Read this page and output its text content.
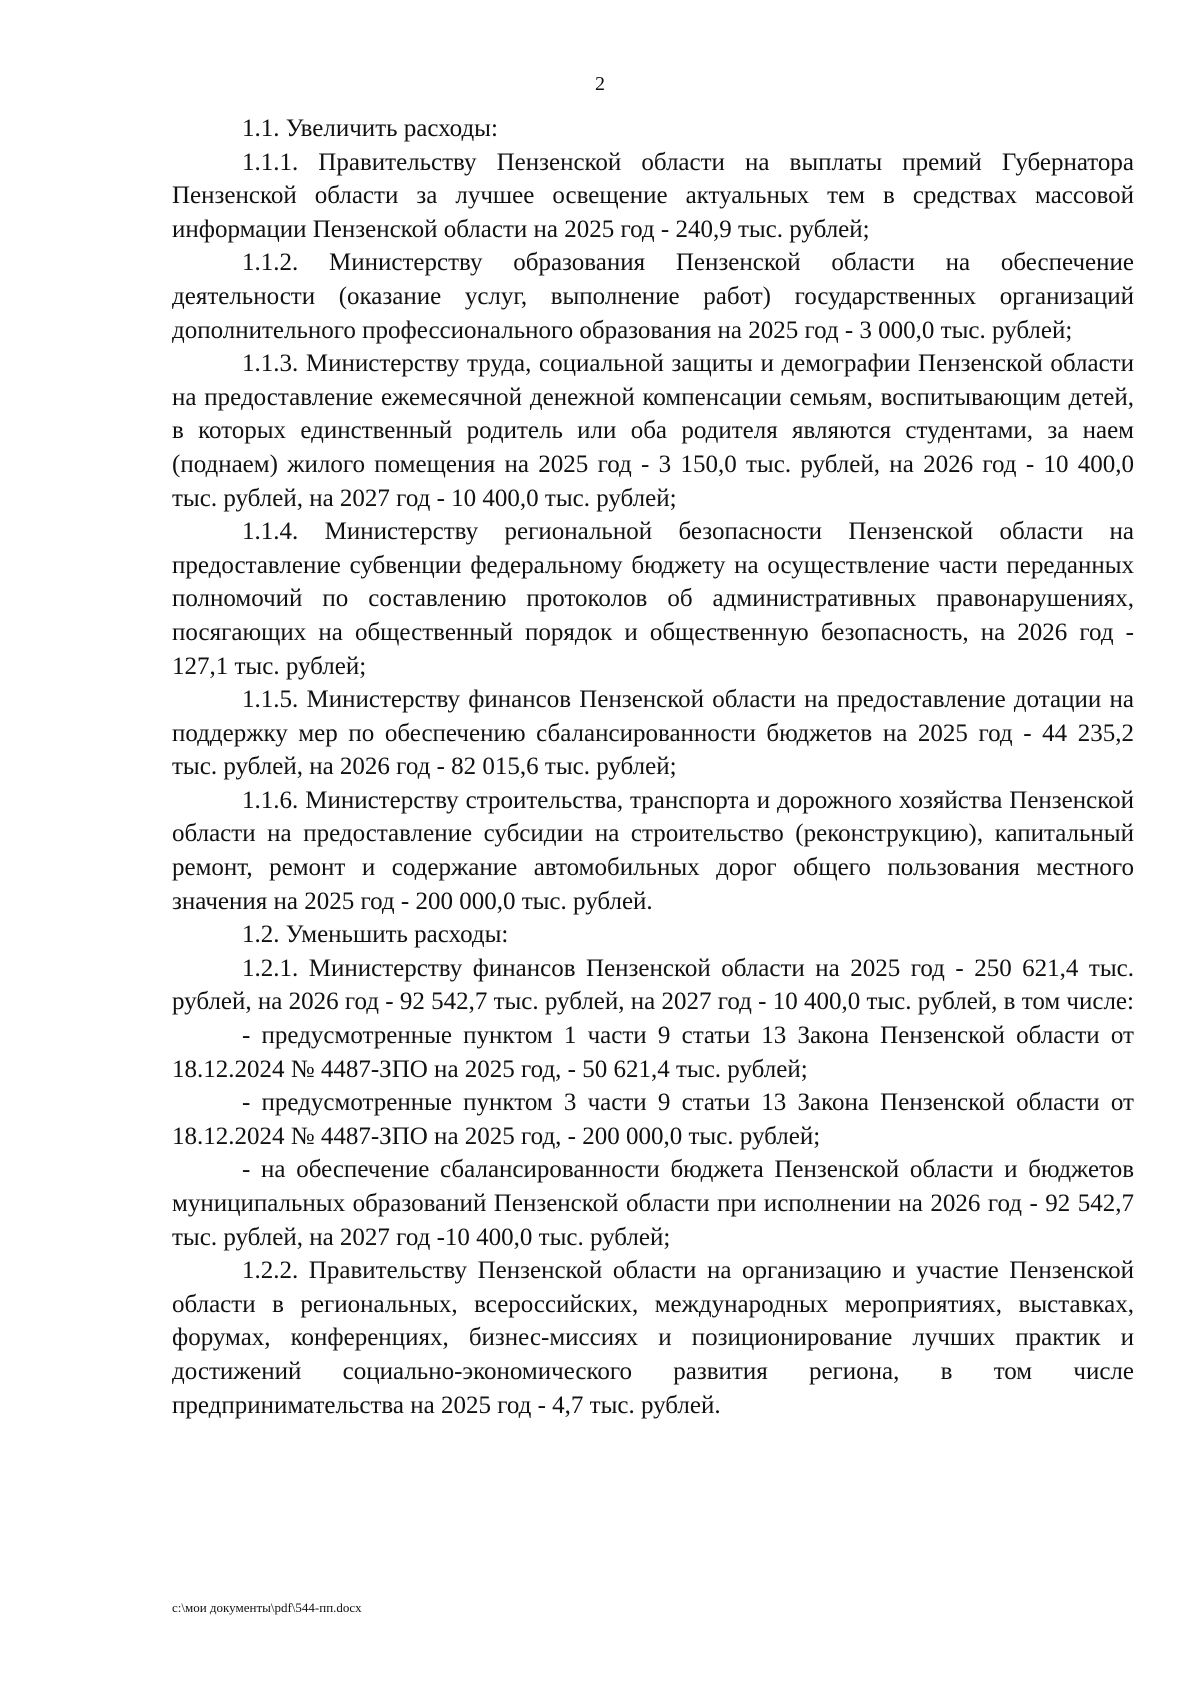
2

1.1. Увеличить расходы:

1.1.1. Правительству Пензенской области на выплаты премий Губернатора Пензенской области за лучшее освещение актуальных тем в средствах массовой информации Пензенской области на 2025 год - 240,9 тыс. рублей;

1.1.2. Министерству образования Пензенской области на обеспечение деятельности (оказание услуг, выполнение работ) государственных организаций дополнительного профессионального образования на 2025 год - 3 000,0 тыс. рублей;

1.1.3. Министерству труда, социальной защиты и демографии Пензенской области на предоставление ежемесячной денежной компенсации семьям, воспитывающим детей, в которых единственный родитель или оба родителя являются студентами, за наем (поднаем) жилого помещения на 2025 год - 3 150,0 тыс. рублей, на 2026 год - 10 400,0 тыс. рублей, на 2027 год - 10 400,0 тыс. рублей;

1.1.4. Министерству региональной безопасности Пензенской области на предоставление субвенции федеральному бюджету на осуществление части переданных полномочий по составлению протоколов об административных правонарушениях, посягающих на общественный порядок и общественную безопасность, на 2026 год - 127,1 тыс. рублей;

1.1.5. Министерству финансов Пензенской области на предоставление дотации на поддержку мер по обеспечению сбалансированности бюджетов на 2025 год - 44 235,2 тыс. рублей, на 2026 год - 82 015,6 тыс. рублей;

1.1.6. Министерству строительства, транспорта и дорожного хозяйства Пензенской области на предоставление субсидии на строительство (реконструкцию), капитальный ремонт, ремонт и содержание автомобильных дорог общего пользования местного значения на 2025 год - 200 000,0 тыс. рублей.

1.2. Уменьшить расходы:

1.2.1. Министерству финансов Пензенской области на 2025 год - 250 621,4 тыс. рублей, на 2026 год - 92 542,7 тыс. рублей, на 2027 год - 10 400,0 тыс. рублей, в том числе:

- предусмотренные пунктом 1 части 9 статьи 13 Закона Пензенской области от 18.12.2024 № 4487-ЗПО на 2025 год, - 50 621,4 тыс. рублей;

- предусмотренные пунктом 3 части 9 статьи 13 Закона Пензенской области от 18.12.2024 № 4487-ЗПО на 2025 год, - 200 000,0 тыс. рублей;

- на обеспечение сбалансированности бюджета Пензенской области и бюджетов муниципальных образований Пензенской области при исполнении на 2026 год - 92 542,7 тыс. рублей, на 2027 год -10 400,0 тыс. рублей;

1.2.2. Правительству Пензенской области на организацию и участие Пензенской области в региональных, всероссийских, международных мероприятиях, выставках, форумах, конференциях, бизнес-миссиях и позиционирование лучших практик и достижений социально-экономического развития региона, в том числе предпринимательства на 2025 год - 4,7 тыс. рублей.

c:\мои документы\pdf\544-пп.docx
